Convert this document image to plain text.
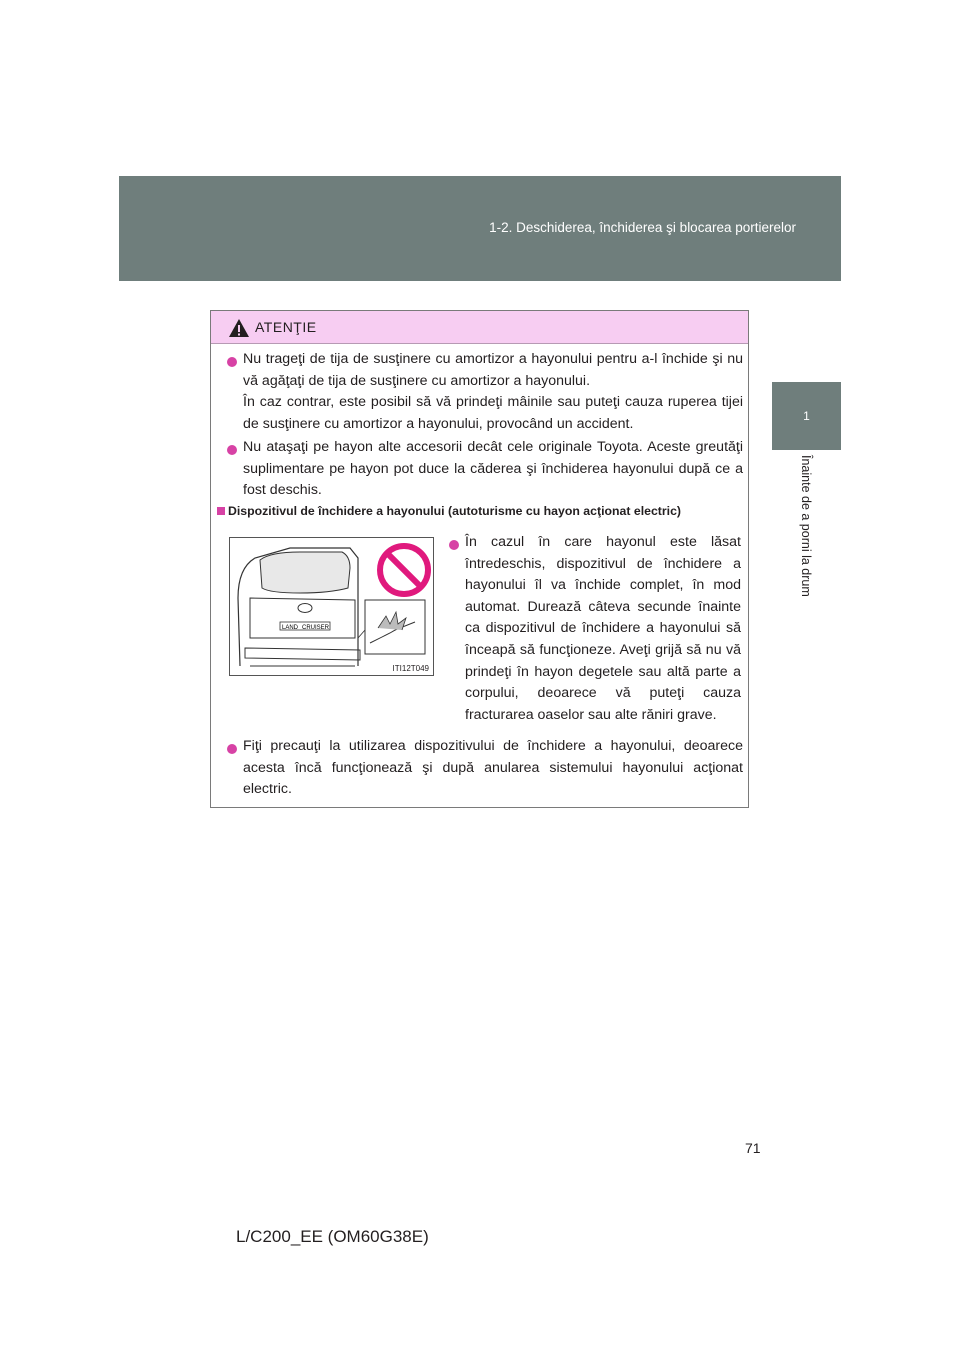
1-2. Deschiderea, închiderea şi blocarea portierelor
1
Înainte de a porni la drum
ATENŢIE
Nu trageţi de tija de susţinere cu amortizor a hayonului pentru a-l închide şi nu vă agăţaţi de tija de susţinere cu amortizor a hayonului.
În caz contrar, este posibil să vă prindeţi mâinile sau puteţi cauza ruperea tijei de susţinere cu amortizor a hayonului, provocând un accident.
Nu ataşaţi pe hayon alte accesorii decât cele originale Toyota. Aceste greutăţi suplimentare pe hayon pot duce la căderea şi închiderea hayonului după ce a fost deschis.
Dispozitivul de închidere a hayonului (autoturisme cu hayon acţionat electric)
LAND CRUISER
ITI12T049
În cazul în care hayonul este lăsat întredeschis, dispozitivul de închidere a hayonului îl va închide complet, în mod automat. Durează câteva secunde înainte ca dispozitivul de închidere a hayonului să înceapă să funcţioneze. Aveţi grijă să nu vă prindeţi în hayon degetele sau altă parte a corpului, deoarece vă puteţi cauza fracturarea oaselor sau alte răniri grave.
Fiţi precauţi la utilizarea dispozitivului de închidere a hayonului, deoarece acesta încă funcţionează şi după anularea sistemului hayonului acţionat electric.
71
L/C200_EE (OM60G38E)
